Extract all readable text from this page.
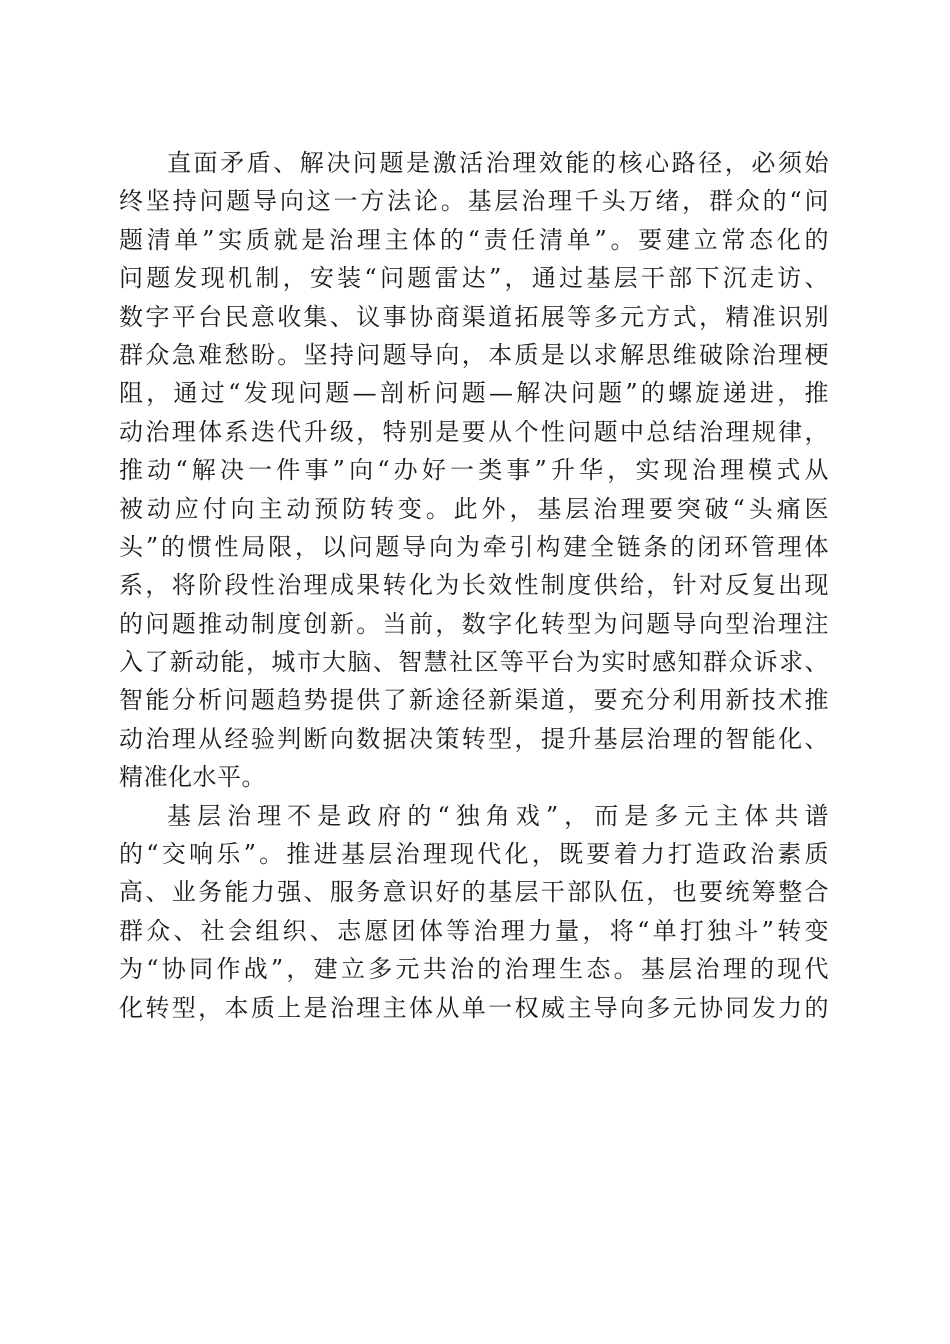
直面矛盾、解决问题是激活治理效能的核心路径，必须始
终坚持问题导向这一方法论。基层治理千头万绪，群众的“问
题清单”实质就是治理主体的“责任清单”。要建立常态化的
问题发现机制，安装“问题雷达”，通过基层干部下沉走访、
数字平台民意收集、议事协商渠道拓展等多元方式，精准识别
群众急难愁盼。坚持问题导向，本质是以求解思维破除治理梗
阻，通过“发现问题—剖析问题—解决问题”的螺旋递进，推
动治理体系迭代升级，特别是要从个性问题中总结治理规律，
推动“解决一件事”向“办好一类事”升华，实现治理模式从
被动应付向主动预防转变。此外，基层治理要突破“头痛医
头”的惯性局限，以问题导向为牵引构建全链条的闭环管理体
系，将阶段性治理成果转化为长效性制度供给，针对反复出现
的问题推动制度创新。当前，数字化转型为问题导向型治理注
入了新动能，城市大脑、智慧社区等平台为实时感知群众诉求、
智能分析问题趋势提供了新途径新渠道，要充分利用新技术推
动治理从经验判断向数据决策转型，提升基层治理的智能化、
精准化水平。
基层治理不是政府的“独角戏”，而是多元主体共谱
的“交响乐”。推进基层治理现代化，既要着力打造政治素质
高、业务能力强、服务意识好的基层干部队伍，也要统筹整合
群众、社会组织、志愿团体等治理力量，将“单打独斗”转变
为“协同作战”，建立多元共治的治理生态。基层治理的现代
化转型，本质上是治理主体从单一权威主导向多元协同发力的
